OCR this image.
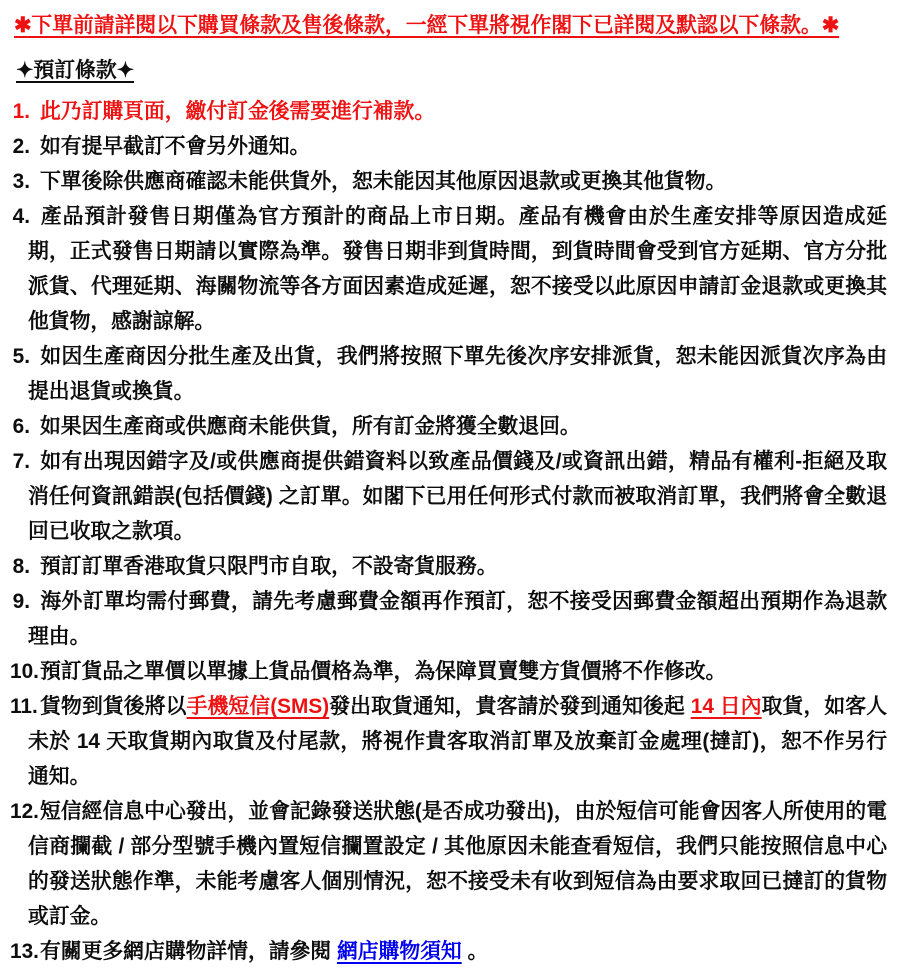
✱下單前請詳閱以下購買條款及售後條款，一經下單將視作閣下已詳閱及默認以下條款。✱
✦預訂條款✦
1. 此乃訂購頁面，繳付訂金後需要進行補款。
2. 如有提早截訂不會另外通知。
3. 下單後除供應商確認未能供貨外，恕未能因其他原因退款或更換其他貨物。
4. 產品預計發售日期僅為官方預計的商品上市日期。產品有機會由於生產安排等原因造成延期，正式發售日期請以實際為準。發售日期非到貨時間，到貨時間會受到官方延期、官方分批派貨、代理延期、海關物流等各方面因素造成延遲，恕不接受以此原因申請訂金退款或更換其他貨物，感謝諒解。
5. 如因生產商因分批生產及出貨，我們將按照下單先後次序安排派貨，恕未能因派貨次序為由提出退貨或換貨。
6. 如果因生產商或供應商未能供貨，所有訂金將獲全數退回。
7. 如有出現因錯字及/或供應商提供錯資料以致產品價錢及/或資訊出錯，精品有權利-拒絕及取消任何資訊錯誤(包括價錢) 之訂單。如閣下已用任何形式付款而被取消訂單，我們將會全數退回已收取之款項。
8. 預訂訂單香港取貨只限門市自取，不設寄貨服務。
9. 海外訂單均需付郵費，請先考慮郵費金額再作預訂，恕不接受因郵費金額超出預期作為退款理由。
10.預訂貨品之單價以單據上貨品價格為準，為保障買賣雙方貨價將不作修改。
11. 貨物到貨後將以手機短信(SMS)發出取貨通知，貴客請於發到通知後起 14 日內取貨，如客人未於 14 天取貨期內取貨及付尾款，將視作貴客取消訂單及放棄訂金處理(撻訂)，恕不作另行通知。
12.短信經信息中心發出，並會記錄發送狀態(是否成功發出)，由於短信可能會因客人所使用的電信商攔截 / 部分型號手機內置短信攔置設定 / 其他原因未能查看短信，我們只能按照信息中心的發送狀態作準，未能考慮客人個別情況，恕不接受未有收到短信為由要求取回已撻訂的貨物或訂金。
13.有關更多網店購物詳情，請參閱 網店購物須知 。
